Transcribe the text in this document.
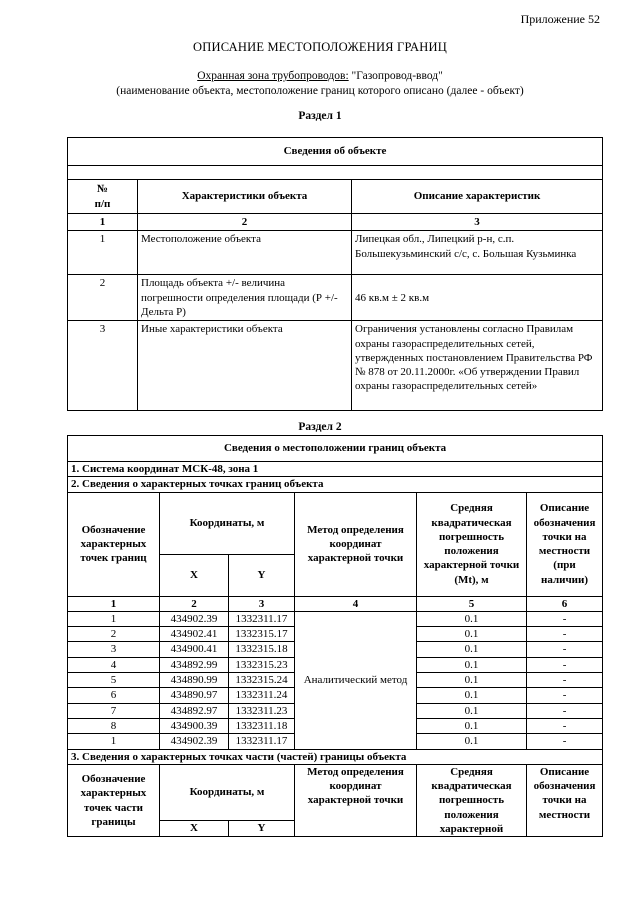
Приложение 52
ОПИСАНИЕ МЕСТОПОЛОЖЕНИЯ ГРАНИЦ
Охранная зона трубопроводов: "Газопровод-ввод"
(наименование объекта, местоположение границ которого описано (далее - объект)
Раздел 1
Сведения об объекте		

№
п/п	Характеристики объекта	Описание характеристик
1	2	3
1	Местоположение объекта	Липецкая обл., Липецкий р-н, с.п. Большекузьминский с/с, с. Большая Кузьминка
2	Площадь объекта +/- величина погрешности определения площади (Р +/- Дельта Р)	46 кв.м ± 2 кв.м
3	Иные характеристики объекта	Ограничения установлены согласно Правилам охраны газораспределительных сетей, утвержденных постановлением Правительства РФ № 878 от 20.11.2000г. «Об утверждении Правил охраны газораспределительных сетей»
Раздел 2
Сведения о местоположении границ объекта					
1. Система координат МСК-48, зона 1					
2. Сведения о характерных точках границ объекта					
Обозначение характерных точек границ	Координаты, м		Метод определения координат характерной точки	Средняя квадратическая погрешность положения характерной точки (Mt), м	Описание обозначения точки на местности (при наличии)
	X	Y			
1	2	3	4	5	6
1	434902.39	1332311.17	Аналитический метод	0.1	-
2	434902.41	1332315.17		0.1	-
3	434900.41	1332315.18		0.1	-
4	434892.99	1332315.23		0.1	-
5	434890.99	1332315.24		0.1	-
6	434890.97	1332311.24		0.1	-
7	434892.97	1332311.23		0.1	-
8	434900.39	1332311.18		0.1	-
1	434902.39	1332311.17		0.1	-
3. Сведения о характерных точках части (частей) границы объекта					
Обозначение характерных точек части границы	Координаты, м		Метод определения координат характерной точки	Средняя квадратическая погрешность положения характерной	Описание обозначения точки на местности
	X	Y			
